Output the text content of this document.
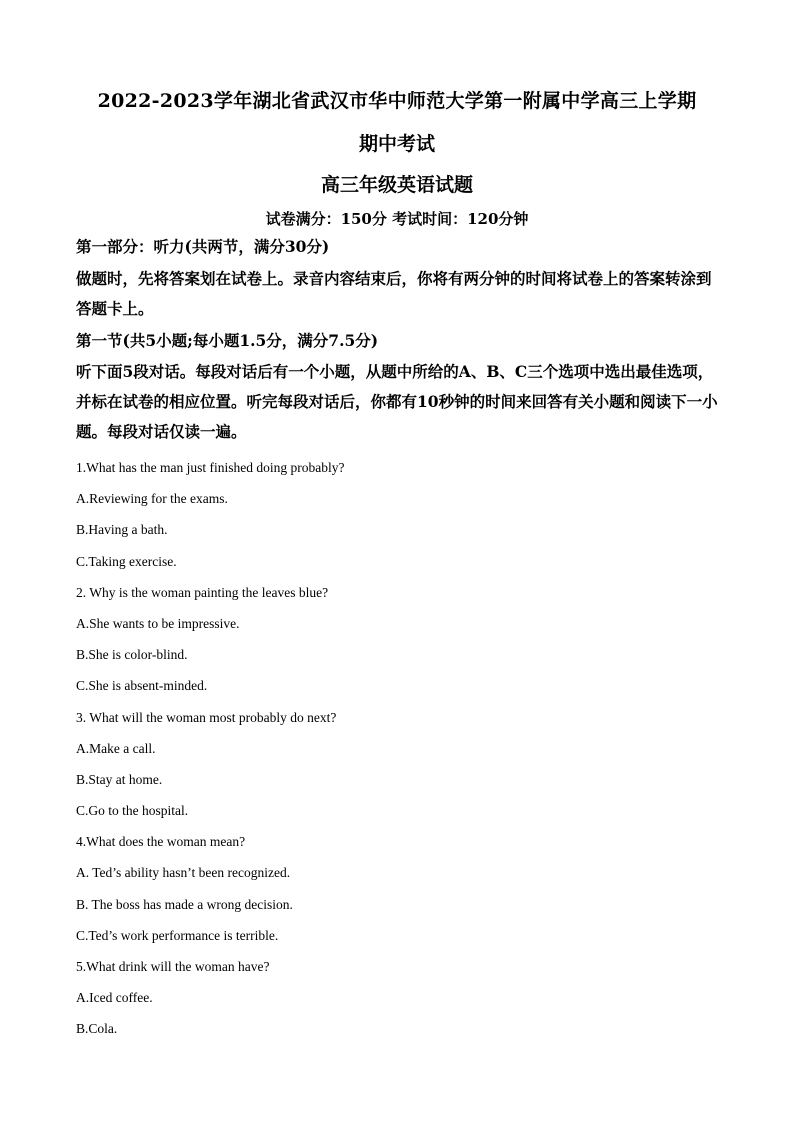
2022-2023学年湖北省武汉市华中师范大学第一附属中学高三上学期
期中考试
高三年级英语试题
试卷满分：150分 考试时间：120分钟
第一部分：听力(共两节，满分30分)
做题时，先将答案划在试卷上。录音内容结束后，你将有两分钟的时间将试卷上的答案转涂到答题卡上。
第一节(共5小题;每小题1.5分，满分7.5分)
听下面5段对话。每段对话后有一个小题，从题中所给的A、B、C三个选项中选出最佳选项，并标在试卷的相应位置。听完每段对话后，你都有10秒钟的时间来回答有关小题和阅读下一小题。每段对话仅读一遍。
1.What has the man just finished doing probably?
A.Reviewing for the exams.
B.Having a bath.
C.Taking exercise.
2. Why is the woman painting the leaves blue?
A.She wants to be impressive.
B.She is color-blind.
C.She is absent-minded.
3. What will the woman most probably do next?
A.Make a call.
B.Stay at home.
C.Go to the hospital.
4.What does the woman mean?
A. Ted’s ability hasn’t been recognized.
B. The boss has made a wrong decision.
C.Ted’s work performance is terrible.
5.What drink will the woman have?
A.Iced coffee.
B.Cola.
